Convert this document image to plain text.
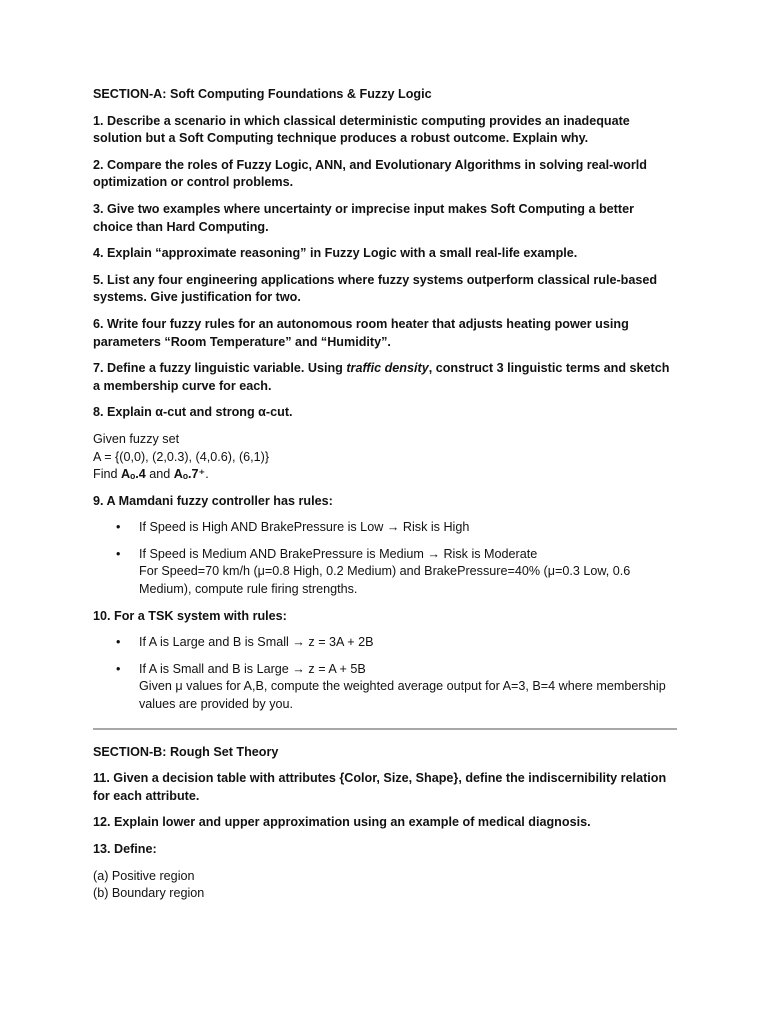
SECTION-A: Soft Computing Foundations & Fuzzy Logic

1. Describe a scenario in which classical deterministic computing provides an inadequate solution but a Soft Computing technique produces a robust outcome. Explain why.

2. Compare the roles of Fuzzy Logic, ANN, and Evolutionary Algorithms in solving real-world optimization or control problems.

3. Give two examples where uncertainty or imprecise input makes Soft Computing a better choice than Hard Computing.

4. Explain “approximate reasoning” in Fuzzy Logic with a small real-life example.

5. List any four engineering applications where fuzzy systems outperform classical rule-based systems. Give justification for two.

6. Write four fuzzy rules for an autonomous room heater that adjusts heating power using parameters “Room Temperature” and “Humidity”.

7. Define a fuzzy linguistic variable. Using traffic density, construct 3 linguistic terms and sketch a membership curve for each.

8. Explain α-cut and strong α-cut.

Given fuzzy set
A = {(0,0), (2,0.3), (4,0.6), (6,1)}
Find Aₒ.4 and Aₒ.7⁺.

9. A Mamdani fuzzy controller has rules:

• If Speed is High AND BrakePressure is Low → Risk is High
• If Speed is Medium AND BrakePressure is Medium → Risk is Moderate
For Speed=70 km/h (μ=0.8 High, 0.2 Medium) and BrakePressure=40% (μ=0.3 Low, 0.6 Medium), compute rule firing strengths.

10. For a TSK system with rules:

• If A is Large and B is Small → z = 3A + 2B
• If A is Small and B is Large → z = A + 5B
Given μ values for A,B, compute the weighted average output for A=3, B=4 where membership values are provided by you.

SECTION-B: Rough Set Theory

11. Given a decision table with attributes {Color, Size, Shape}, define the indiscernibility relation for each attribute.

12. Explain lower and upper approximation using an example of medical diagnosis.

13. Define:

(a) Positive region
(b) Boundary region
